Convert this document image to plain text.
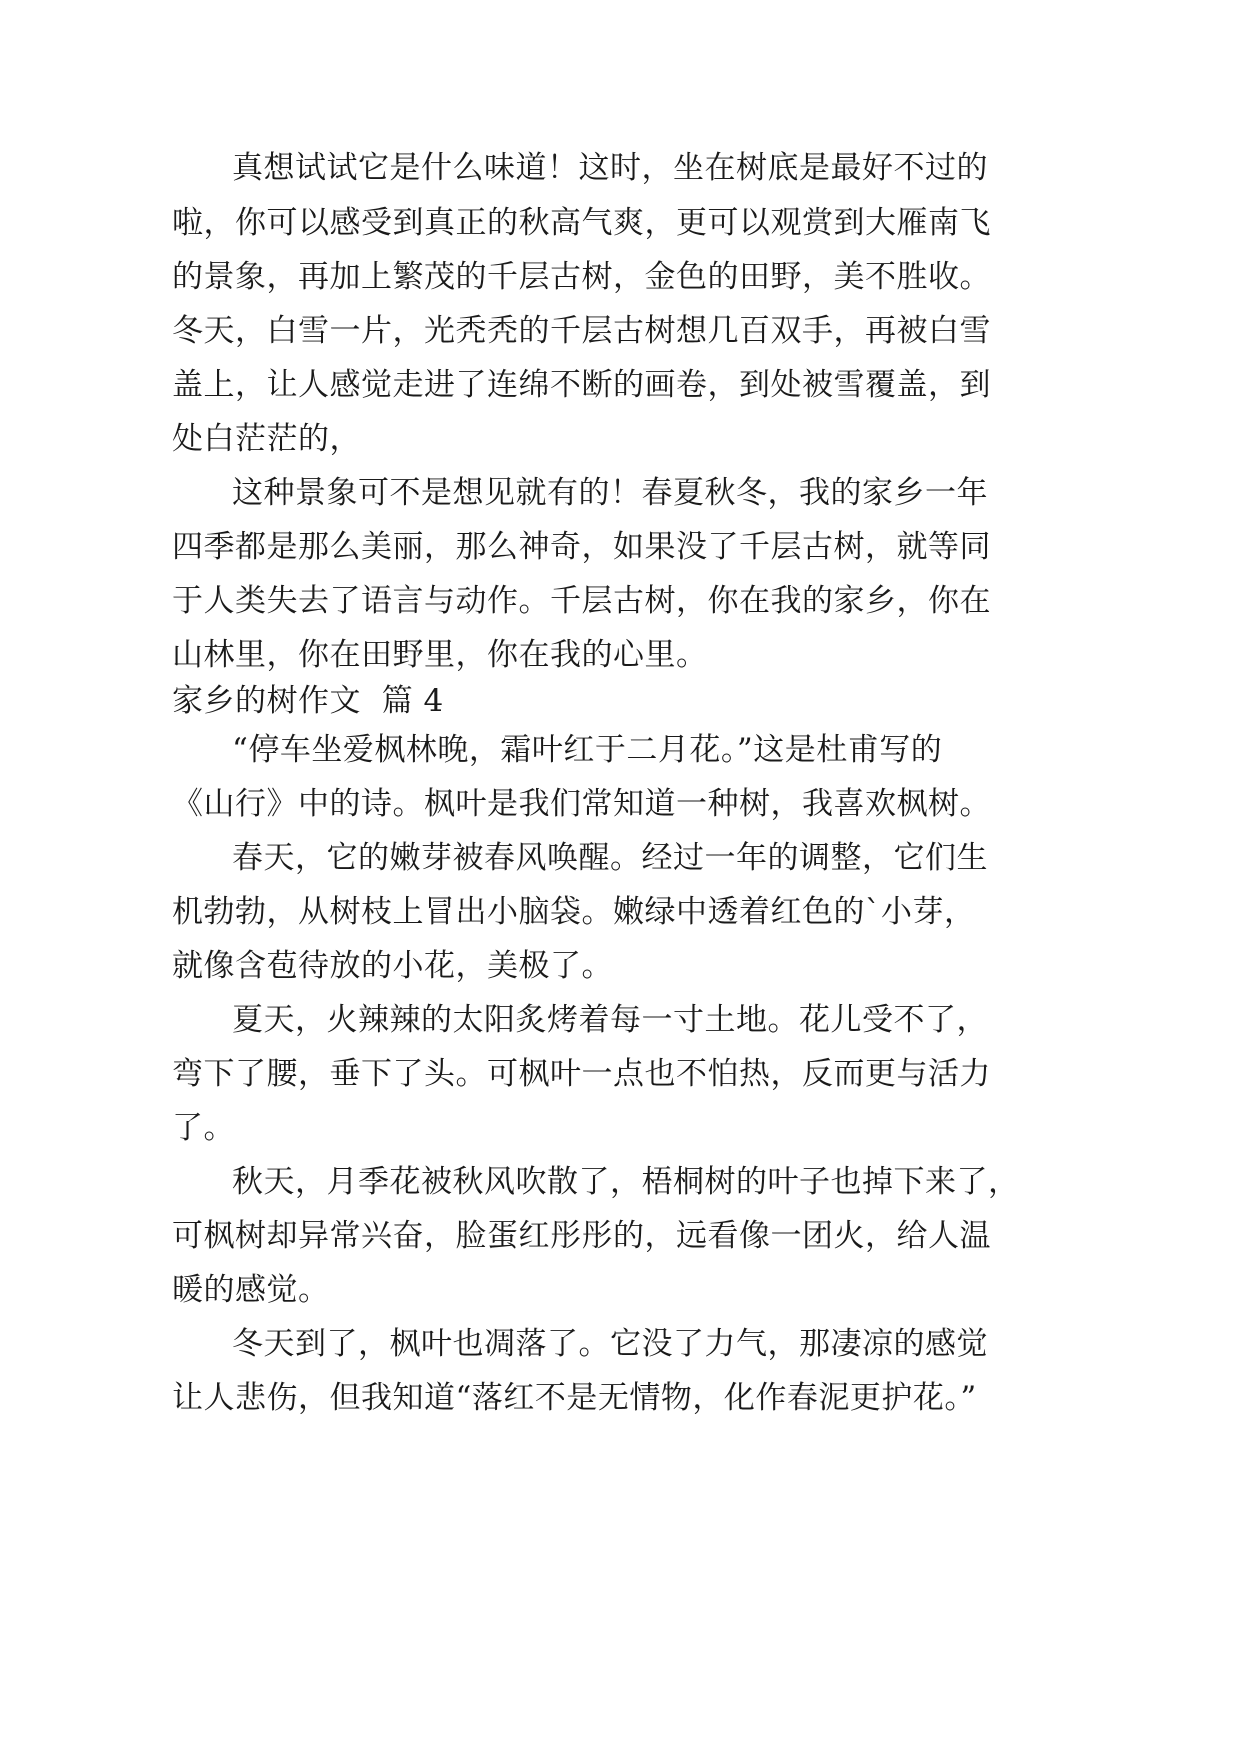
真想试试它是什么味道！这时，坐在树底是最好不过的
啦，你可以感受到真正的秋高气爽，更可以观赏到大雁南飞
的景象，再加上繁茂的千层古树，金色的田野，美不胜收。
冬天，白雪一片，光秃秃的千层古树想几百双手，再被白雪
盖上，让人感觉走进了连绵不断的画卷，到处被雪覆盖，到
处白茫茫的，
这种景象可不是想见就有的！春夏秋冬，我的家乡一年
四季都是那么美丽，那么神奇，如果没了千层古树，就等同
于人类失去了语言与动作。千层古树，你在我的家乡，你在
山林里，你在田野里，你在我的心里。
家乡的树作文  篇 4
“停车坐爱枫林晚，霜叶红于二月花。”这是杜甫写的
《山行》中的诗。枫叶是我们常知道一种树，我喜欢枫树。
春天，它的嫩芽被春风唤醒。经过一年的调整，它们生
机勃勃，从树枝上冒出小脑袋。嫩绿中透着红色的`小芽，
就像含苞待放的小花，美极了。
夏天，火辣辣的太阳炙烤着每一寸土地。花儿受不了，
弯下了腰，垂下了头。可枫叶一点也不怕热，反而更与活力
了。
秋天，月季花被秋风吹散了，梧桐树的叶子也掉下来了，
可枫树却异常兴奋，脸蛋红彤彤的，远看像一团火，给人温
暖的感觉。
冬天到了，枫叶也凋落了。它没了力气，那凄凉的感觉
让人悲伤，但我知道“落红不是无情物，化作春泥更护花。”
